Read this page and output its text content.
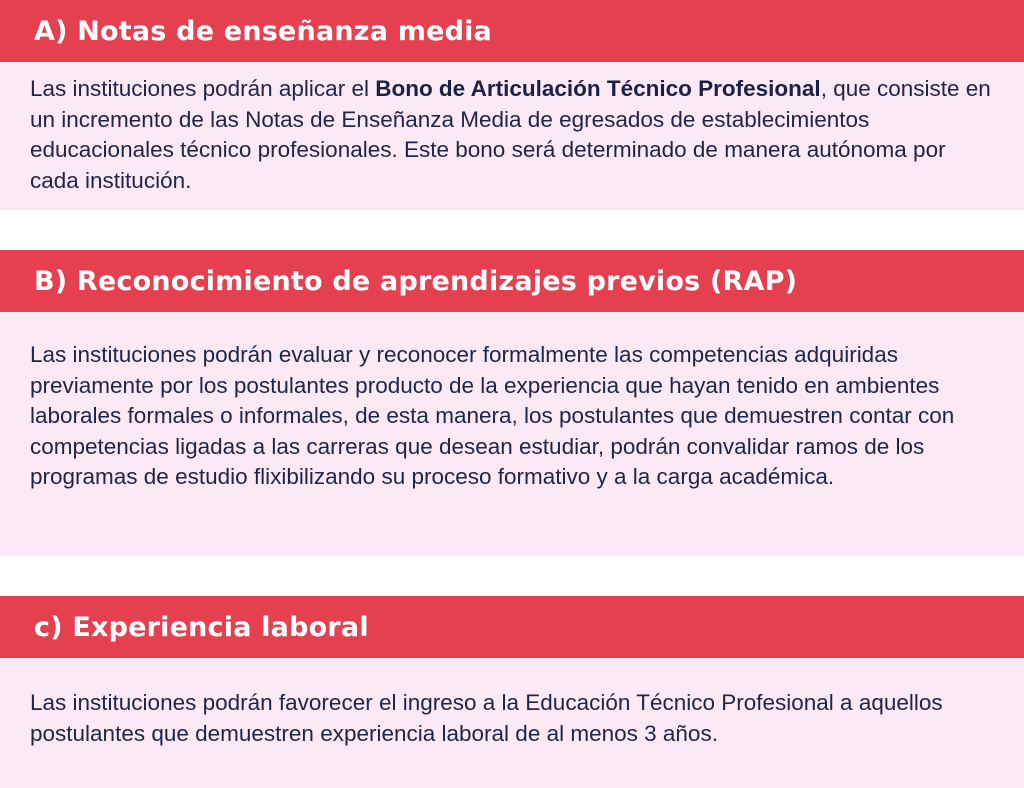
A) Notas de enseñanza media

Las instituciones podrán aplicar el Bono de Articulación Técnico Profesional, que consiste en un incremento de las Notas de Enseñanza Media de egresados de establecimientos educacionales técnico profesionales. Este bono será determinado de manera autónoma por cada institución.

B) Reconocimiento de aprendizajes previos (RAP)

Las instituciones podrán evaluar y reconocer formalmente las competencias adquiridas previamente por los postulantes producto de la experiencia que hayan tenido en ambientes laborales formales o informales, de esta manera, los postulantes que demuestren contar con competencias ligadas a las carreras que desean estudiar, podrán convalidar ramos de los programas de estudio flixibilizando su proceso formativo y a la carga académica.

c) Experiencia laboral

Las instituciones podrán favorecer el ingreso a la Educación Técnico Profesional a aquellos postulantes que demuestren experiencia laboral de al menos 3 años.
